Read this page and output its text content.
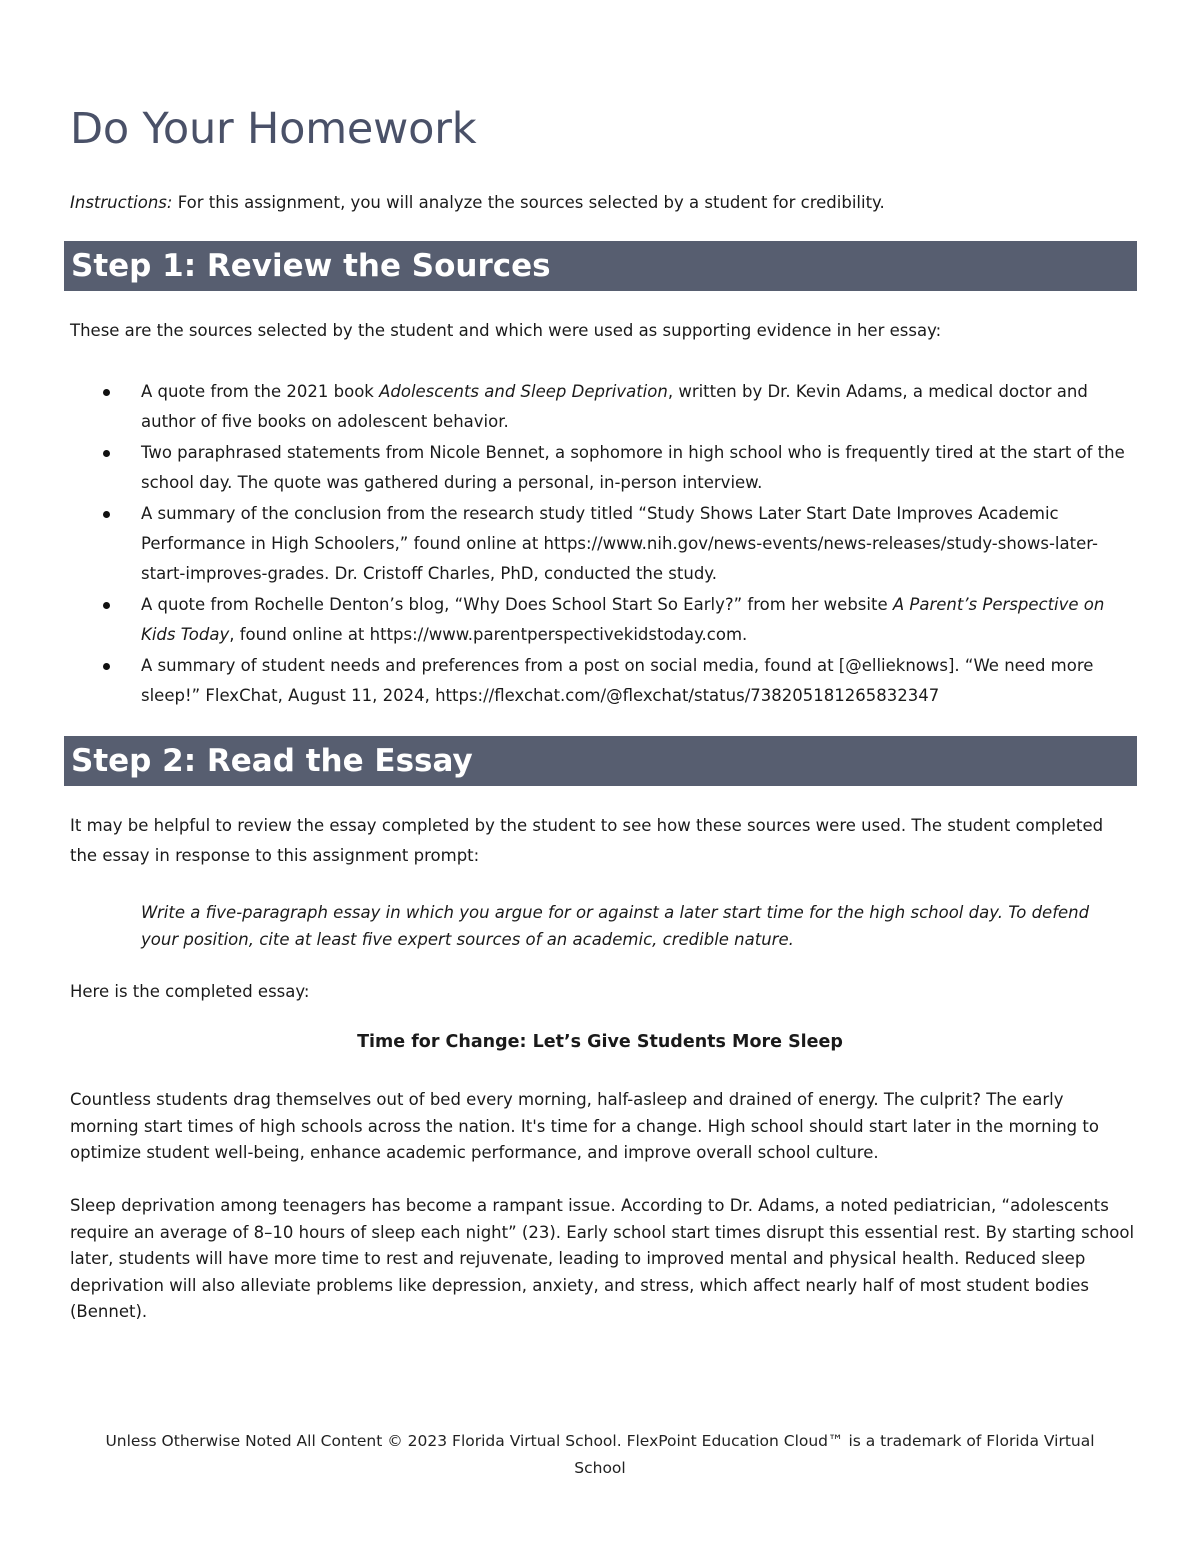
Do Your Homework
Instructions: For this assignment, you will analyze the sources selected by a student for credibility.
Step 1: Review the Sources
These are the sources selected by the student and which were used as supporting evidence in her essay:
A quote from the 2021 book Adolescents and Sleep Deprivation, written by Dr. Kevin Adams, a medical doctor and author of five books on adolescent behavior.
Two paraphrased statements from Nicole Bennet, a sophomore in high school who is frequently tired at the start of the school day. The quote was gathered during a personal, in-person interview.
A summary of the conclusion from the research study titled “Study Shows Later Start Date Improves Academic Performance in High Schoolers,” found online at https://www.nih.gov/news-events/news-releases/study-shows-later-start-improves-grades. Dr. Cristoff Charles, PhD, conducted the study.
A quote from Rochelle Denton’s blog, “Why Does School Start So Early?” from her website A Parent’s Perspective on Kids Today, found online at https://www.parentperspectivekidstoday.com.
A summary of student needs and preferences from a post on social media, found at [@ellieknows]. “We need more sleep!” FlexChat, August 11, 2024, https://flexchat.com/@flexchat/status/738205181265832347
Step 2: Read the Essay
It may be helpful to review the essay completed by the student to see how these sources were used. The student completed the essay in response to this assignment prompt:
Write a five-paragraph essay in which you argue for or against a later start time for the high school day. To defend your position, cite at least five expert sources of an academic, credible nature.
Here is the completed essay:
Time for Change: Let’s Give Students More Sleep
Countless students drag themselves out of bed every morning, half-asleep and drained of energy. The culprit? The early morning start times of high schools across the nation. It's time for a change. High school should start later in the morning to optimize student well-being, enhance academic performance, and improve overall school culture.
Sleep deprivation among teenagers has become a rampant issue. According to Dr. Adams, a noted pediatrician, “adolescents require an average of 8–10 hours of sleep each night” (23). Early school start times disrupt this essential rest. By starting school later, students will have more time to rest and rejuvenate, leading to improved mental and physical health. Reduced sleep deprivation will also alleviate problems like depression, anxiety, and stress, which affect nearly half of most student bodies (Bennet).
Unless Otherwise Noted All Content © 2023 Florida Virtual School. FlexPoint Education Cloud™ is a trademark of Florida Virtual School
